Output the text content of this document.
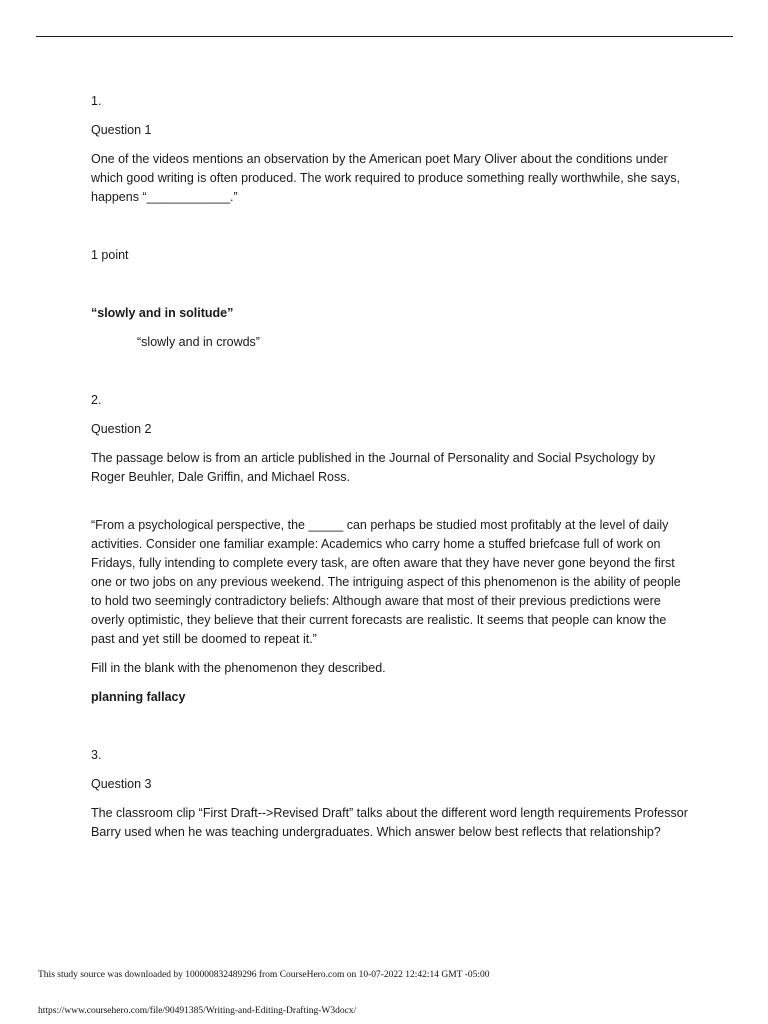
1.

Question 1

One of the videos mentions an observation by the American poet Mary Oliver about the conditions under which good writing is often produced. The work required to produce something really worthwhile, she says, happens “____________.”

1 point

“slowly and in solitude”

“slowly and in crowds”

2.

Question 2

The passage below is from an article published in the Journal of Personality and Social Psychology by Roger Beuhler, Dale Griffin, and Michael Ross.

“From a psychological perspective, the _____ can perhaps be studied most profitably at the level of daily activities. Consider one familiar example: Academics who carry home a stuffed briefcase full of work on Fridays, fully intending to complete every task, are often aware that they have never gone beyond the first one or two jobs on any previous weekend. The intriguing aspect of this phenomenon is the ability of people to hold two seemingly contradictory beliefs: Although aware that most of their previous predictions were overly optimistic, they believe that their current forecasts are realistic. It seems that people can know the past and yet still be doomed to repeat it.”

Fill in the blank with the phenomenon they described.

planning fallacy

3.

Question 3

The classroom clip “First Draft-->Revised Draft” talks about the different word length requirements Professor Barry used when he was teaching undergraduates. Which answer below best reflects that relationship?

This study source was downloaded by 100000832489296 from CourseHero.com on 10-07-2022 12:42:14 GMT -05:00
https://www.coursehero.com/file/90491385/Writing-and-Editing-Drafting-W3docx/
